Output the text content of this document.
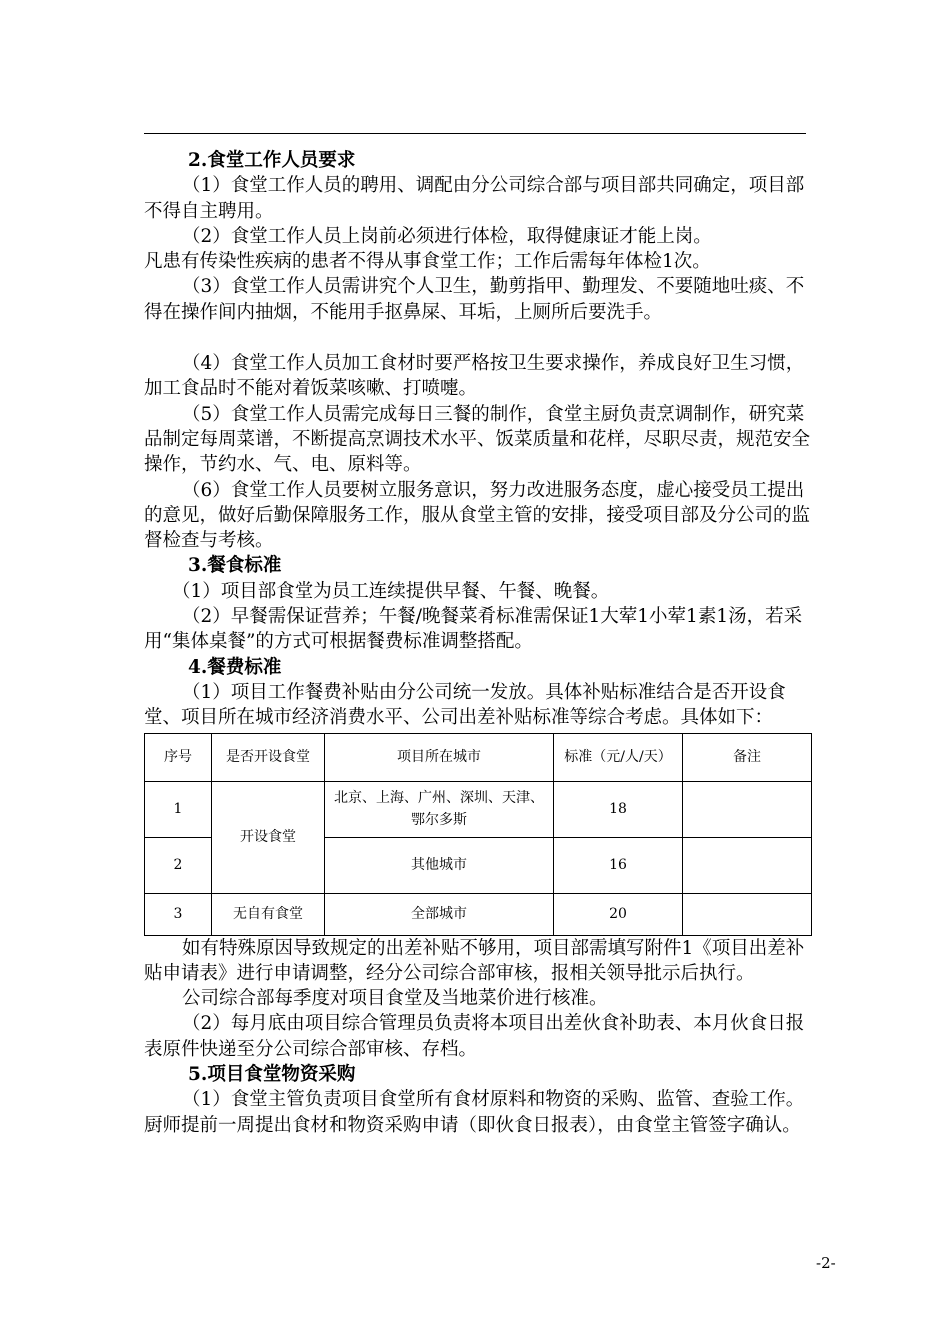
2.食堂工作人员要求

（1）食堂工作人员的聘用、调配由分公司综合部与项目部共同确定，项目部不得自主聘用。

（2）食堂工作人员上岗前必须进行体检，取得健康证才能上岗。

凡患有传染性疾病的患者不得从事食堂工作；工作后需每年体检1次。

（3）食堂工作人员需讲究个人卫生，勤剪指甲、勤理发、不要随地吐痰、不得在操作间内抽烟，不能用手抠鼻屎、耳垢，上厕所后要洗手。

（4）食堂工作人员加工食材时要严格按卫生要求操作，养成良好卫生习惯，加工食品时不能对着饭菜咳嗽、打喷嚏。

（5）食堂工作人员需完成每日三餐的制作，食堂主厨负责烹调制作，研究菜品制定每周菜谱，不断提高烹调技术水平、饭菜质量和花样，尽职尽责，规范安全操作，节约水、气、电、原料等。

（6）食堂工作人员要树立服务意识，努力改进服务态度，虚心接受员工提出的意见，做好后勤保障服务工作，服从食堂主管的安排，接受项目部及分公司的监督检查与考核。

3.餐食标准

（1）项目部食堂为员工连续提供早餐、午餐、晚餐。

（2）早餐需保证营养；午餐/晚餐菜肴标准需保证1大荤1小荤1素1汤，若采用“集体桌餐”的方式可根据餐费标准调整搭配。

4.餐费标准

（1）项目工作餐费补贴由分公司统一发放。具体补贴标准结合是否开设食堂、项目所在城市经济消费水平、公司出差补贴标准等综合考虑。具体如下：

序号	是否开设食堂	项目所在城市	标准（元/人/天）	备注
1	开设食堂	北京、上海、广州、深圳、天津、鄂尔多斯	18	
2		其他城市	16	
3	无自有食堂	全部城市	20	

如有特殊原因导致规定的出差补贴不够用，项目部需填写附件1《项目出差补贴申请表》进行申请调整，经分公司综合部审核，报相关领导批示后执行。

公司综合部每季度对项目食堂及当地菜价进行核准。

（2）每月底由项目综合管理员负责将本项目出差伙食补助表、本月伙食日报表原件快递至分公司综合部审核、存档。

5.项目食堂物资采购

（1）食堂主管负责项目食堂所有食材原料和物资的采购、监管、查验工作。厨师提前一周提出食材和物资采购申请（即伙食日报表），由食堂主管签字确认。

-2-
